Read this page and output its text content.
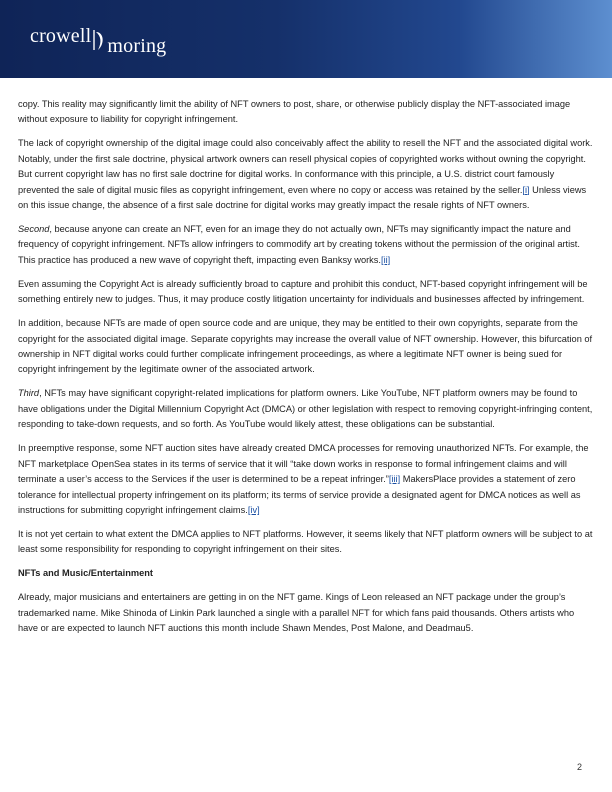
crowell moring

copy. This reality may significantly limit the ability of NFT owners to post, share, or otherwise publicly display the NFT-associated image without exposure to liability for copyright infringement.

The lack of copyright ownership of the digital image could also conceivably affect the ability to resell the NFT and the associated digital work. Notably, under the first sale doctrine, physical artwork owners can resell physical copies of copyrighted works without owning the copyright. But current copyright law has no first sale doctrine for digital works. In conformance with this principle, a U.S. district court famously prevented the sale of digital music files as copyright infringement, even where no copy or access was retained by the seller.[i] Unless views on this issue change, the absence of a first sale doctrine for digital works may greatly impact the resale rights of NFT owners.

Second, because anyone can create an NFT, even for an image they do not actually own, NFTs may significantly impact the nature and frequency of copyright infringement. NFTs allow infringers to commodify art by creating tokens without the permission of the original artist. This practice has produced a new wave of copyright theft, impacting even Banksy works.[ii]

Even assuming the Copyright Act is already sufficiently broad to capture and prohibit this conduct, NFT-based copyright infringement will be something entirely new to judges. Thus, it may produce costly litigation uncertainty for individuals and businesses affected by infringement.

In addition, because NFTs are made of open source code and are unique, they may be entitled to their own copyrights, separate from the copyright for the associated digital image. Separate copyrights may increase the overall value of NFT ownership. However, this bifurcation of ownership in NFT digital works could further complicate infringement proceedings, as where a legitimate NFT owner is being sued for copyright infringement by the legitimate owner of the associated artwork.

Third, NFTs may have significant copyright-related implications for platform owners. Like YouTube, NFT platform owners may be found to have obligations under the Digital Millennium Copyright Act (DMCA) or other legislation with respect to removing copyright-infringing content, responding to take-down requests, and so forth. As YouTube would likely attest, these obligations can be substantial.

In preemptive response, some NFT auction sites have already created DMCA processes for removing unauthorized NFTs. For example, the NFT marketplace OpenSea states in its terms of service that it will “take down works in response to formal infringement claims and will terminate a user’s access to the Services if the user is determined to be a repeat infringer.”[iii] MakersPlace provides a statement of zero tolerance for intellectual property infringement on its platform; its terms of service provide a designated agent for DMCA notices as well as instructions for submitting copyright infringement claims.[iv]

It is not yet certain to what extent the DMCA applies to NFT platforms. However, it seems likely that NFT platform owners will be subject to at least some responsibility for responding to copyright infringement on their sites.

NFTs and Music/Entertainment

Already, major musicians and entertainers are getting in on the NFT game. Kings of Leon released an NFT package under the group’s trademarked name. Mike Shinoda of Linkin Park launched a single with a parallel NFT for which fans paid thousands. Others artists who have or are expected to launch NFT auctions this month include Shawn Mendes, Post Malone, and Deadmau5.

2
